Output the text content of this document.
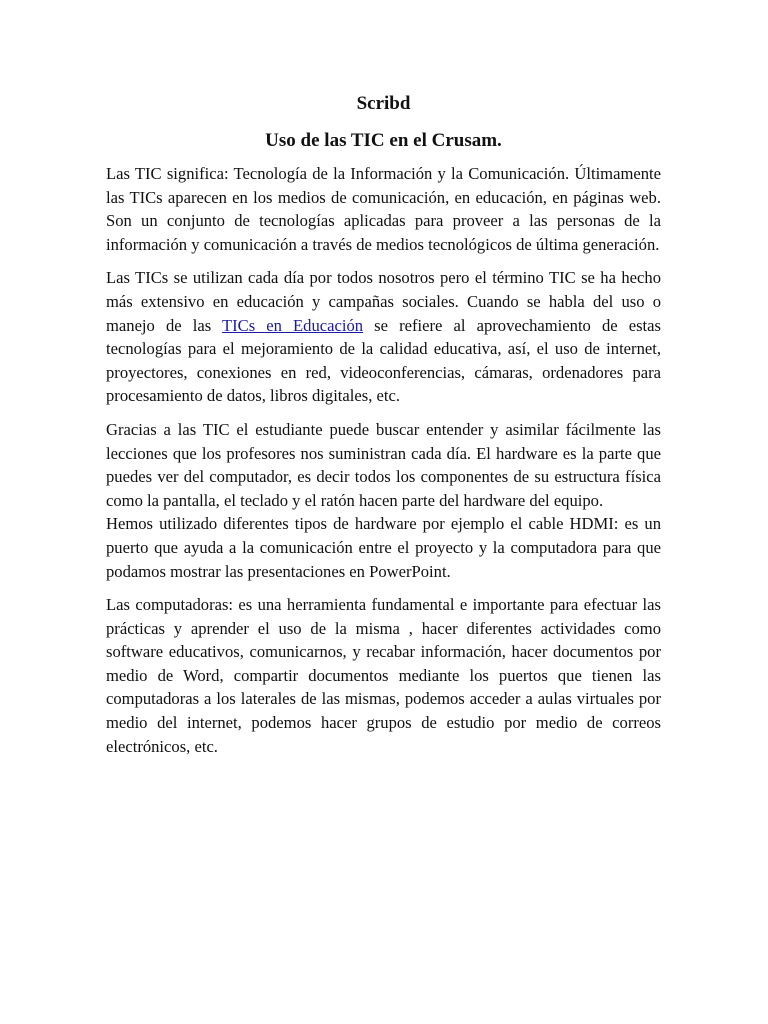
Scribd
Uso de las TIC en el Crusam.

Las TIC significa: Tecnología de la Información y la Comunicación. Últimamente las TICs aparecen en los medios de comunicación, en educación, en páginas web. Son un conjunto de tecnologías aplicadas para proveer a las personas de la información y comunicación a través de medios tecnológicos de última generación.

Las TICs se utilizan cada día por todos nosotros pero el término TIC se ha hecho más extensivo en educación y campañas sociales. Cuando se habla del uso o manejo de las TICs en Educación se refiere al aprovechamiento de estas tecnologías para el mejoramiento de la calidad educativa, así, el uso de internet, proyectores, conexiones en red, videoconferencias, cámaras, ordenadores para procesamiento de datos, libros digitales, etc.

Gracias a las TIC el estudiante puede buscar entender y asimilar fácilmente las lecciones que los profesores nos suministran cada día. El hardware es la parte que puedes ver del computador, es decir todos los componentes de su estructura física como la pantalla, el teclado y el ratón hacen parte del hardware del equipo.

Hemos utilizado diferentes tipos de hardware por ejemplo el cable HDMI: es un puerto que ayuda a la comunicación entre el proyecto y la computadora para que podamos mostrar las presentaciones en PowerPoint.

Las computadoras: es una herramienta fundamental e importante para efectuar las prácticas y aprender el uso de la misma , hacer diferentes actividades como software educativos, comunicarnos, y recabar información, hacer documentos por medio de Word, compartir documentos mediante los puertos que tienen las computadoras a los laterales de las mismas, podemos acceder a aulas virtuales por medio del internet, podemos hacer grupos de estudio por medio de correos electrónicos, etc.
